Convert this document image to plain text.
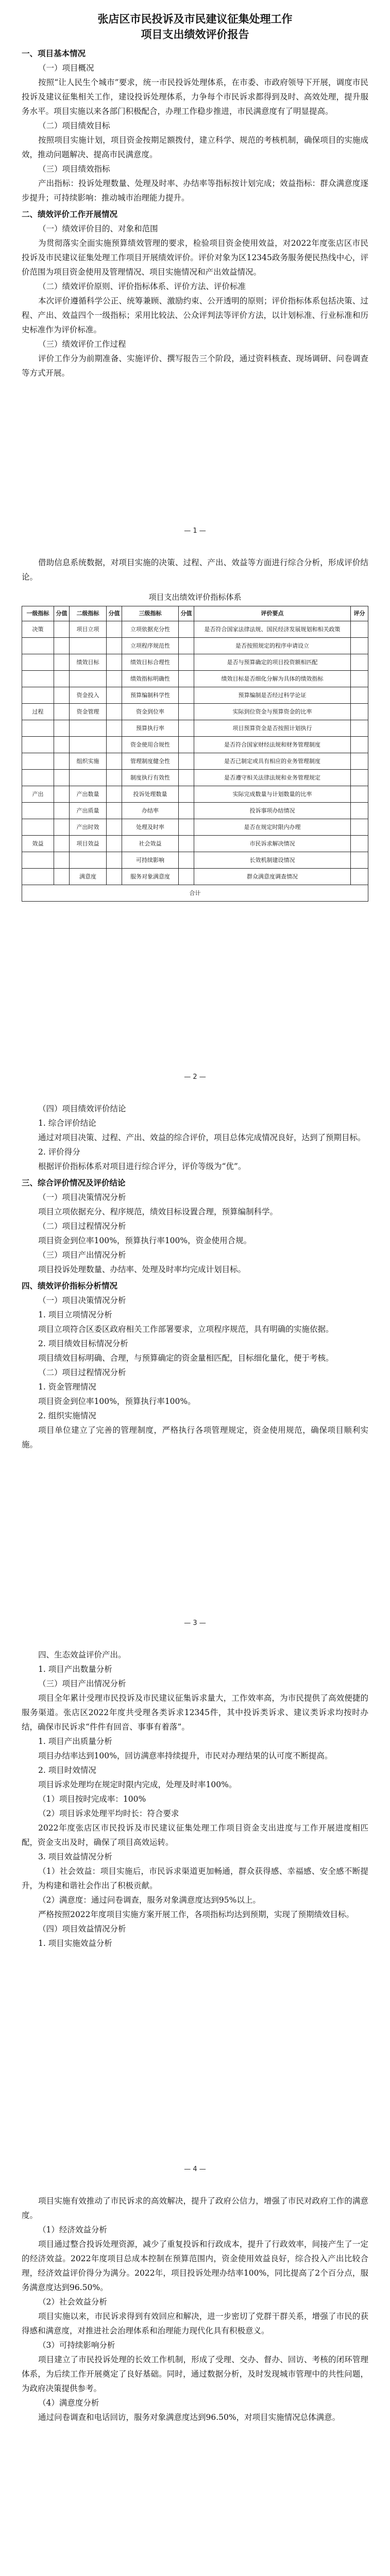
张店区市民投诉及市民建议征集处理工作
项目支出绩效评价报告
一、项目基本情况
（一）项目概况

按照“让人民生个城市”要求，统一市民投诉处理体系，在市委、市政府领导下开展，调度市民投诉及建议征集相关工作，建设投诉处理体系，力争每个市民诉求都得到及时、高效处理，提升服务水平。项目实施以来各部门积极配合，办理工作稳步推进，市民满意度有了明显提高。

（二）项目绩效目标

按照项目实施计划，项目资金按期足额拨付，建立科学、规范的考核机制，确保项目的实施成效，推动问题解决、提高市民满意度。

（三）项目绩效指标

产出指标：投诉处理数量、处理及时率、办结率等指标按计划完成；效益指标：群众满意度逐步提升；可持续影响：推动城市治理能力提升。

二、绩效评价工作开展情况
（一）绩效评价目的、对象和范围

为贯彻落实全面实施预算绩效管理的要求，检验项目资金使用效益，对2022年度张店区市民投诉及市民建议征集处理工作项目开展绩效评价。评价对象为区12345政务服务便民热线中心，评价范围为项目资金使用及管理情况、项目实施情况和产出效益情况。

（二）绩效评价原则、评价指标体系、评价方法、评价标准

本次评价遵循科学公正、统筹兼顾、激励约束、公开透明的原则；评价指标体系包括决策、过程、产出、效益四个一级指标；采用比较法、公众评判法等评价方法，以计划标准、行业标准和历史标准作为评价标准。

（三）绩效评价工作过程

评价工作分为前期准备、实施评价、撰写报告三个阶段，通过资料核查、现场调研、问卷调查等方式开展。

— 1 —

借助信息系统数据，对项目实施的决策、过程、产出、效益等方面进行综合分析，形成评价结论。

项目支出绩效评价指标体系
一级指标	分值	二级指标	分值	三级指标	分值	评价要点	评分
决策		项目立项		立项依据充分性		是否符合国家法律法规、国民经济发展规划和相关政策	
				立项程序规范性		是否按照规定的程序申请设立	
		绩效目标		绩效目标合理性		是否与预算确定的项目投资额相匹配	
				绩效指标明确性		绩效目标是否细化分解为具体的绩效指标	
		资金投入		预算编制科学性		预算编制是否经过科学论证	
过程		资金管理		资金到位率		实际到位资金与预算资金的比率	
				预算执行率		项目预算资金是否按照计划执行	
				资金使用合规性		是否符合国家财经法规和财务管理制度	
		组织实施		管理制度健全性		是否已制定或具有相应的业务管理制度	
				制度执行有效性		是否遵守相关法律法规和业务管理规定	
产出		产出数量		投诉处理数量		实际完成数量与计划数量的比率	
		产出质量		办结率		投诉事项办结情况	
		产出时效		处理及时率		是否在规定时限内办理	
效益		项目效益		社会效益		市民诉求解决情况	
				可持续影响		长效机制建设情况	
		满意度		服务对象满意度		群众满意度调查情况	
合计							
— 2 —

（四）项目绩效评价结论

1. 综合评价结论

通过对项目决策、过程、产出、效益的综合评价，项目总体完成情况良好，达到了预期目标。

2. 评价得分

根据评价指标体系对项目进行综合评分，评价等级为“优”。

三、综合评价情况及评价结论

（一）项目决策情况分析

项目立项依据充分、程序规范，绩效目标设置合理，预算编制科学。

（二）项目过程情况分析

项目资金到位率100%，预算执行率100%，资金使用合规。

（三）项目产出情况分析

项目投诉处理数量、办结率、处理及时率均完成计划目标。

四、绩效评价指标分析情况
（一）项目决策情况分析

1. 项目立项情况分析

项目立项符合区委区政府相关工作部署要求，立项程序规范，具有明确的实施依据。

2. 项目绩效目标情况分析

项目绩效目标明确、合理，与预算确定的资金量相匹配，目标细化量化，便于考核。

（二）项目过程情况分析

1. 资金管理情况

项目资金到位率100%，预算执行率100%。

2. 组织实施情况

项目单位建立了完善的管理制度，严格执行各项管理规定，资金使用规范，确保项目顺利实施。

— 3 —

四、生态效益评价产出。

1. 项目产出数量分析

（三）项目产出情况分析

项目全年累计受理市民投诉及市民建议征集诉求量大，工作效率高，为市民提供了高效便捷的服务渠道。张店区2022年度共受理各类诉求12345件，其中投诉类诉求、建议类诉求均按时办结，确保市民诉求“件件有回音、事事有着落”。

1. 项目产出质量分析

项目办结率达到100%，回访满意率持续提升，市民对办理结果的认可度不断提高。

2. 项目时效情况

项目诉求处理均在规定时限内完成，处理及时率100%。

（1）项目按时完成率：100%

（2）项目诉求处理平均时长：符合要求

2022年度张店区市民投诉及市民建议征集处理工作项目资金支出进度与工作开展进度相匹配，资金支出及时，确保了项目高效运转。

3. 项目效益情况分析

（1）社会效益：项目实施后，市民诉求渠道更加畅通，群众获得感、幸福感、安全感不断提升，为构建和谐社会作出了积极贡献。

（2）满意度：通过问卷调查，服务对象满意度达到95%以上。

严格按照2022年度项目实施方案开展工作，各项指标均达到预期，实现了预期绩效目标。

（四）项目效益情况分析

1. 项目实施效益分析

— 4 —

项目实施有效推动了市民诉求的高效解决，提升了政府公信力，增强了市民对政府工作的满意度。

（1）经济效益分析

项目通过整合投诉处理资源，减少了重复投诉和行政成本，提升了行政效率，间接产生了一定的经济效益。2022年度项目总成本控制在预算范围内，资金使用效益良好，综合投入产出比较合理，经济效益评价得分为满分。2022年，项目投诉处理办结率100%，同比提高了2个百分点，服务满意度达到96.50%。

（2）社会效益分析

项目实施以来，市民诉求得到有效回应和解决，进一步密切了党群干群关系，增强了市民的获得感和满意度，对推进社会治理体系和治理能力现代化具有积极意义。

（3）可持续影响分析

项目建立了市民投诉处理的长效工作机制，形成了受理、交办、督办、回访、考核的闭环管理体系，为后续工作开展奠定了良好基础。同时，通过数据分析，及时发现城市管理中的共性问题，为政府决策提供参考。

（4）满意度分析

通过问卷调查和电话回访，服务对象满意度达到96.50%，对项目实施情况总体满意。
